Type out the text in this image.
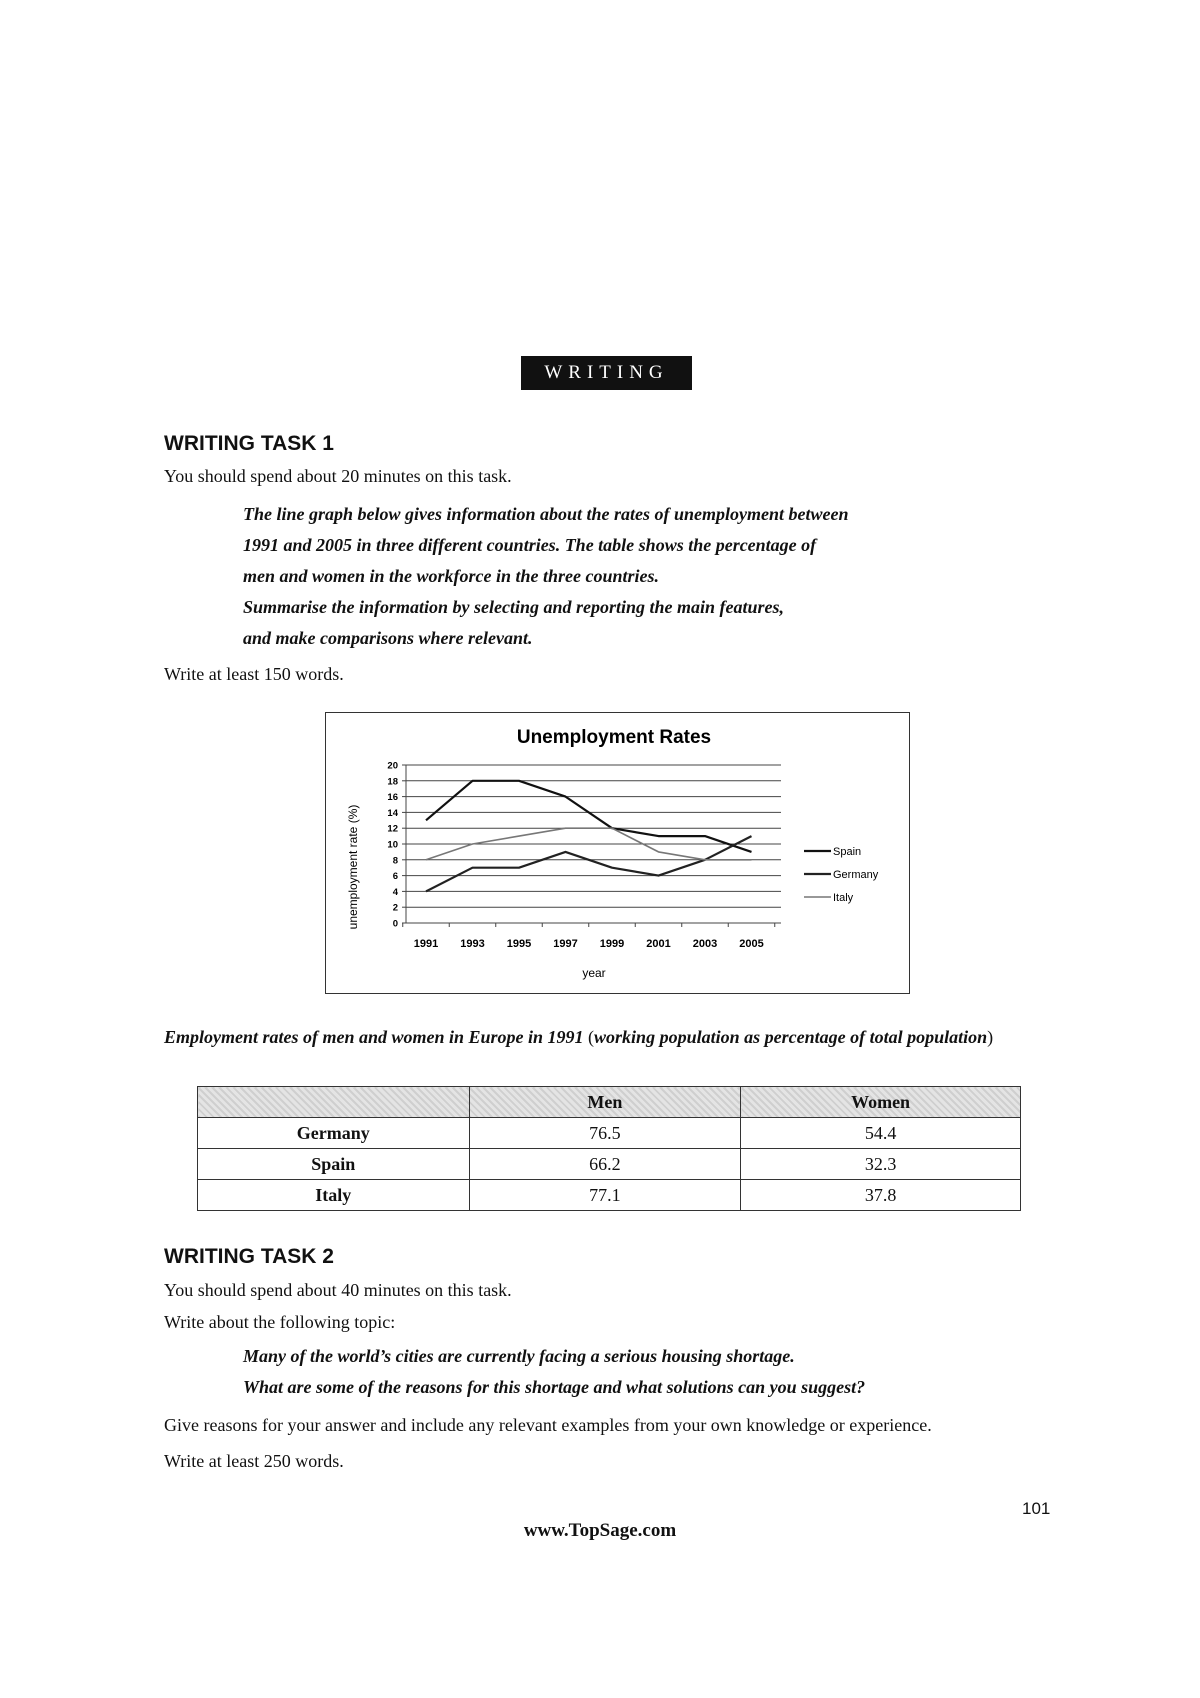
WRITING
WRITING TASK 1
You should spend about 20 minutes on this task.
The line graph below gives information about the rates of unemployment between
1991 and 2005 in three different countries. The table shows the percentage of
men and women in the workforce in the three countries.
Summarise the information by selecting and reporting the main features,
and make comparisons where relevant.
Write at least 150 words.
Unemployment Rates
0
2
4
6
8
10
12
14
16
18
20
1991 1993 1995 1997 1999 2001 2003 2005
Spain
Germany
Italy
year
unemployment rate (%)
Employment rates of men and women in Europe in 1991 (working population as percentage of total population)
	Men	Women
Germany	76.5	54.4
Spain	66.2	32.3
Italy	77.1	37.8
WRITING TASK 2
You should spend about 40 minutes on this task.
Write about the following topic:
Many of the world’s cities are currently facing a serious housing shortage.
What are some of the reasons for this shortage and what solutions can you suggest?
Give reasons for your answer and include any relevant examples from your own knowledge or experience.
Write at least 250 words.
101
www.TopSage.com
